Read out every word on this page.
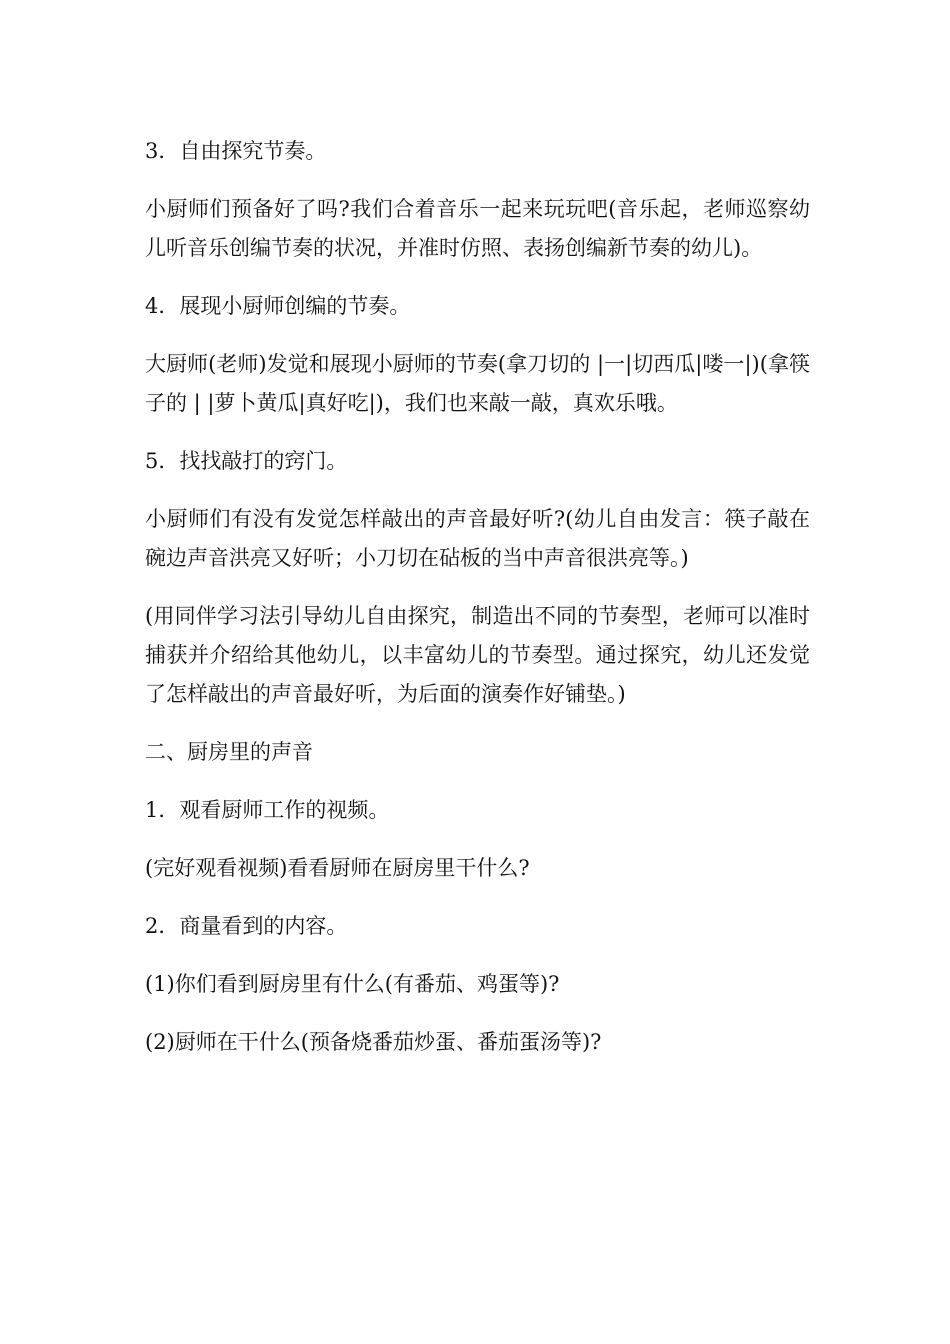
3．自由探究节奏。

小厨师们预备好了吗?我们合着音乐一起来玩玩吧(音乐起，老师巡察幼儿听音乐创编节奏的状况，并准时仿照、表扬创编新节奏的幼儿)。

4．展现小厨师创编的节奏。

大厨师(老师)发觉和展现小厨师的节奏(拿刀切的 |一|切西瓜|喽一|)(拿筷子的 | |萝卜黄瓜|真好吃|)，我们也来敲一敲，真欢乐哦。

5．找找敲打的窍门。

小厨师们有没有发觉怎样敲出的声音最好听?(幼儿自由发言：筷子敲在碗边声音洪亮又好听；小刀切在砧板的当中声音很洪亮等。)

(用同伴学习法引导幼儿自由探究，制造出不同的节奏型，老师可以准时捕获并介绍给其他幼儿，以丰富幼儿的节奏型。通过探究，幼儿还发觉了怎样敲出的声音最好听，为后面的演奏作好铺垫。)

二、厨房里的声音

1．观看厨师工作的视频。

(完好观看视频)看看厨师在厨房里干什么?

2．商量看到的内容。

(1)你们看到厨房里有什么(有番茄、鸡蛋等)?

(2)厨师在干什么(预备烧番茄炒蛋、番茄蛋汤等)?
